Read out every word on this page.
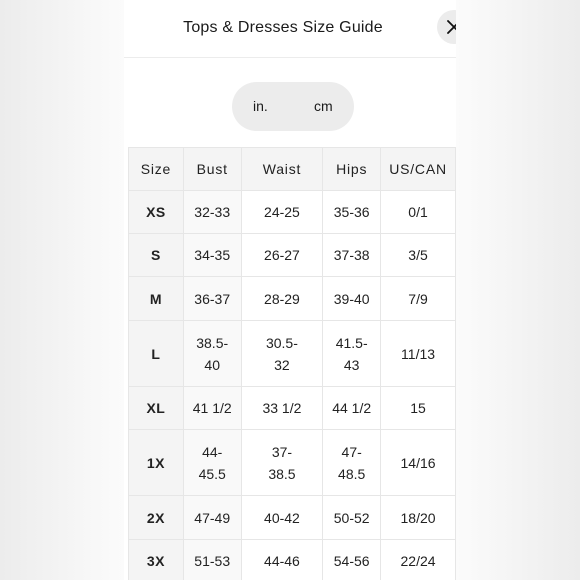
Tops & Dresses Size Guide
in.	cm
Size	Bust	Waist	Hips	US/CAN
XS	32-33	24-25	35-36	0/1
S	34-35	26-27	37-38	3/5
M	36-37	28-29	39-40	7/9
L	38.5-40	30.5-32	41.5-43	11/13
XL	41 1/2	33 1/2	44 1/2	15
1X	44-45.5	37-38.5	47-48.5	14/16
2X	47-49	40-42	50-52	18/20
3X	51-53	44-46	54-56	22/24
